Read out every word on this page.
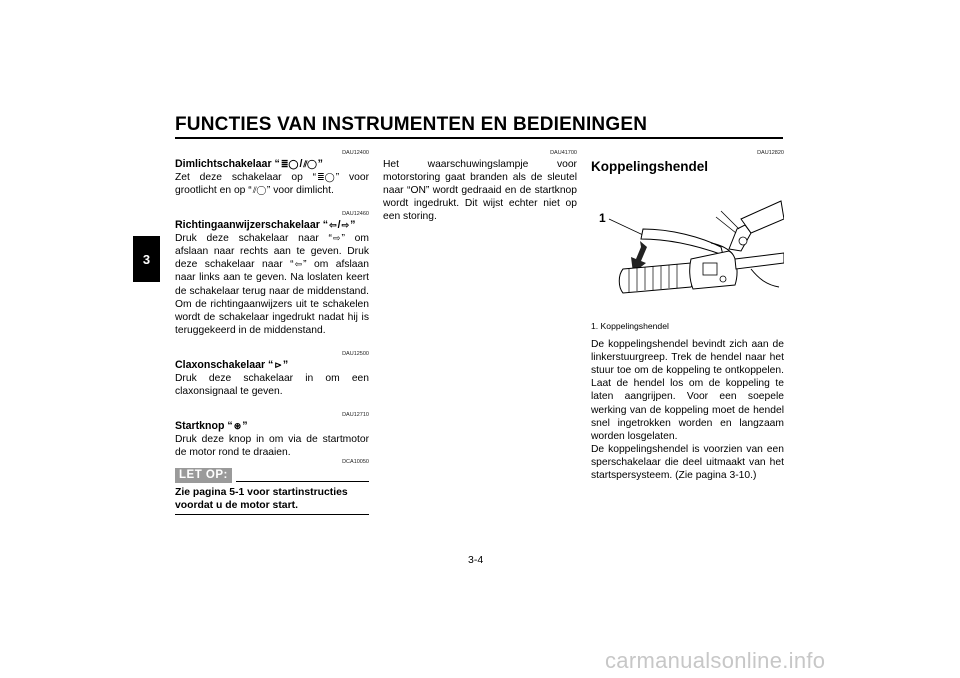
FUNCTIES VAN INSTRUMENTEN EN BEDIENINGEN
3
DAU12400
Dimlichtschakelaar “≣◯/⫽◯”
Zet deze schakelaar op “≣◯” voor grootlicht en op “⫽◯” voor dimlicht.
DAU12460
Richtingaanwijzerschakelaar “⇦/⇨”
Druk deze schakelaar naar “⇨” om afslaan naar rechts aan te geven. Druk deze schakelaar naar “⇦” om afslaan naar links aan te geven. Na loslaten keert de schakelaar terug naar de middenstand. Om de richtingaanwijzers uit te schakelen wordt de schakelaar ingedrukt nadat hij is teruggekeerd in de middenstand.
DAU12500
Claxonschakelaar “⊳”
Druk deze schakelaar in om een claxonsignaal te geven.
DAU12710
Startknop “⊛”
Druk deze knop in om via de startmotor de motor rond te draaien.
DCA10050
LET OP:
Zie pagina 5-1 voor startinstructies voordat u de motor start.
DAU41700
Het waarschuwingslampje voor motorstoring gaat branden als de sleutel naar “ON” wordt gedraaid en de startknop wordt ingedrukt. Dit wijst echter niet op een storing.
DAU12820
Koppelingshendel
1
1. Koppelingshendel
De koppelingshendel bevindt zich aan de linkerstuurgreep. Trek de hendel naar het stuur toe om de koppeling te ontkoppelen. Laat de hendel los om de koppeling te laten aangrijpen. Voor een soepele werking van de koppeling moet de hendel snel ingetrokken worden en langzaam worden losgelaten.
De koppelingshendel is voorzien van een sperschakelaar die deel uitmaakt van het startspersysteem. (Zie pagina 3-10.)
3-4
carmanualsonline.info
